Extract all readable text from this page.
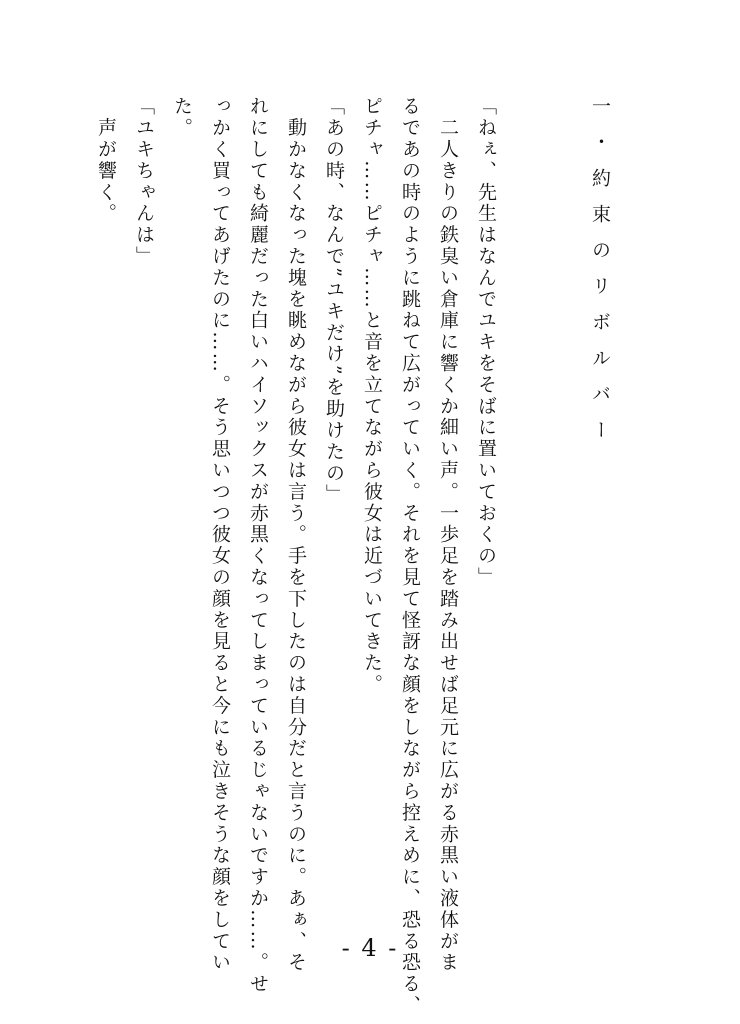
一・約束のリボルバー
「ねぇ、先生はなんでユキをそばに置いておくの」
　二人きりの鉄臭い倉庫に響くか細い声。一歩足を踏み出せば足元に広がる赤黒い液体がま
るであの時のように跳ねて広がっていく。それを見て怪訝な顔をしながら控えめに、恐る恐る、
ピチャ……ピチャ……と音を立てながら彼女は近づいてきた。
「あの時、なんで”ユキだけ”を助けたの」
　動かなくなった塊を眺めながら彼女は言う。手を下したのは自分だと言うのに。あぁ、そ
れにしても綺麗だった白いハイソックスが赤黒くなってしまっているじゃないですか……。せ
っかく買ってあげたのに……。そう思いつつ彼女の顔を見ると今にも泣きそうな顔をしてい
た。
「ユキちゃんは」
　声が響く。
- 4 -
